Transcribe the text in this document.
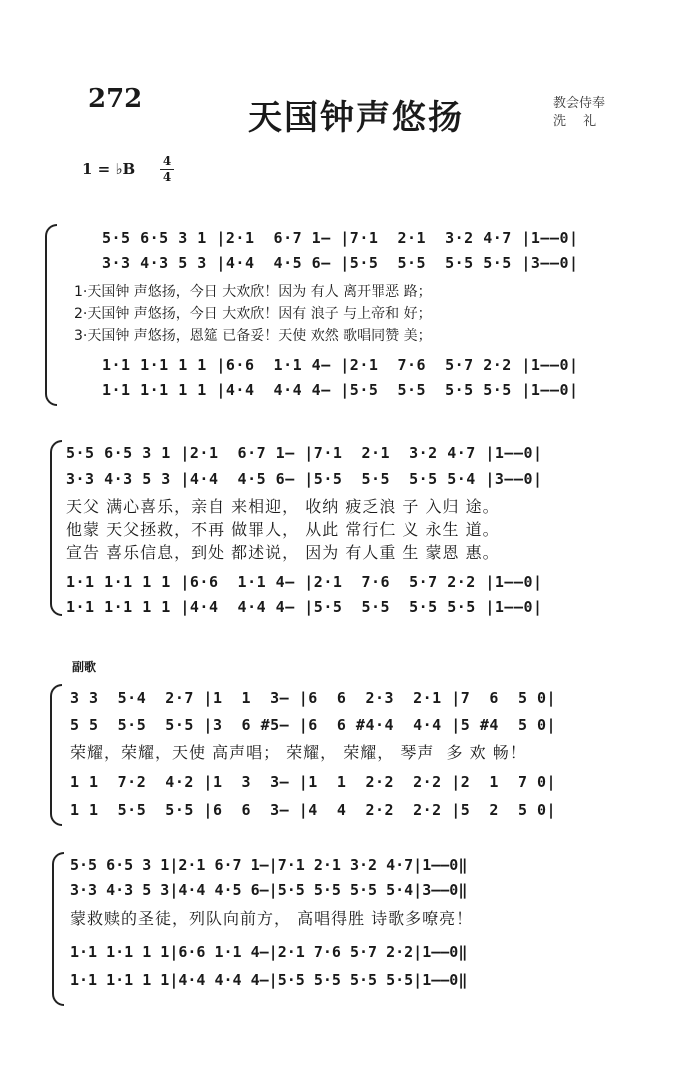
272	天国钟声悠扬	教会侍奉
洗　 礼
1 = ♭B 4
4
5·5 6·5 3 1 |2·1  6·7 1– |7·1  2·1  3·2 4·7 |1––0|
3·3 4·3 5 3 |4·4  4·5 6– |5·5  5·5  5·5 5·5 |3––0|
1·天国钟 声悠扬，今日 大欢欣！因为 有人 离开罪恶 路；
2·天国钟 声悠扬，今日 大欢欣！因有 浪子 与上帝和 好；
3·天国钟 声悠扬，恩筵 已备妥！天使 欢然 歌唱同赞 美；
1·1 1·1 1 1 |6·6  1·1 4– |2·1  7·6  5·7 2·2 |1––0|
1·1 1·1 1 1 |4·4  4·4 4– |5·5  5·5  5·5 5·5 |1––0|
5·5 6·5 3 1 |2·1  6·7 1– |7·1  2·1  3·2 4·7 |1––0|
3·3 4·3 5 3 |4·4  4·5 6– |5·5  5·5  5·5 5·4 |3––0|
天父 满心喜乐，亲自 来相迎， 收纳 疲乏浪 子 入归 途。
他蒙 天父拯救，不再 做罪人， 从此 常行仁 义 永生 道。
宣告 喜乐信息，到处 都述说， 因为 有人重 生 蒙恩 惠。
1·1 1·1 1 1 |6·6  1·1 4– |2·1  7·6  5·7 2·2 |1––0|
1·1 1·1 1 1 |4·4  4·4 4– |5·5  5·5  5·5 5·5 |1––0|
副歌
3 3  5·4  2·7 |1  1  3– |6  6  2·3  2·1 |7  6  5 0|
5 5  5·5  5·5 |3  6 #5– |6  6 #4·4  4·4 |5 #4  5 0|
荣耀，荣耀，天使 高声唱； 荣耀， 荣耀， 琴声  多 欢 畅！
1 1  7·2  4·2 |1  3  3– |1  1  2·2  2·2 |2  1  7 0|
1 1  5·5  5·5 |6  6  3– |4  4  2·2  2·2 |5  2  5 0|
5·5 6·5 3 1|2·1 6·7 1–|7·1 2·1 3·2 4·7|1––0‖
3·3 4·3 5 3|4·4 4·5 6–|5·5 5·5 5·5 5·4|3––0‖
蒙救赎的圣徒，列队向前方， 高唱得胜 诗歌多嘹亮！
1·1 1·1 1 1|6·6 1·1 4–|2·1 7·6 5·7 2·2|1––0‖
1·1 1·1 1 1|4·4 4·4 4–|5·5 5·5 5·5 5·5|1––0‖
